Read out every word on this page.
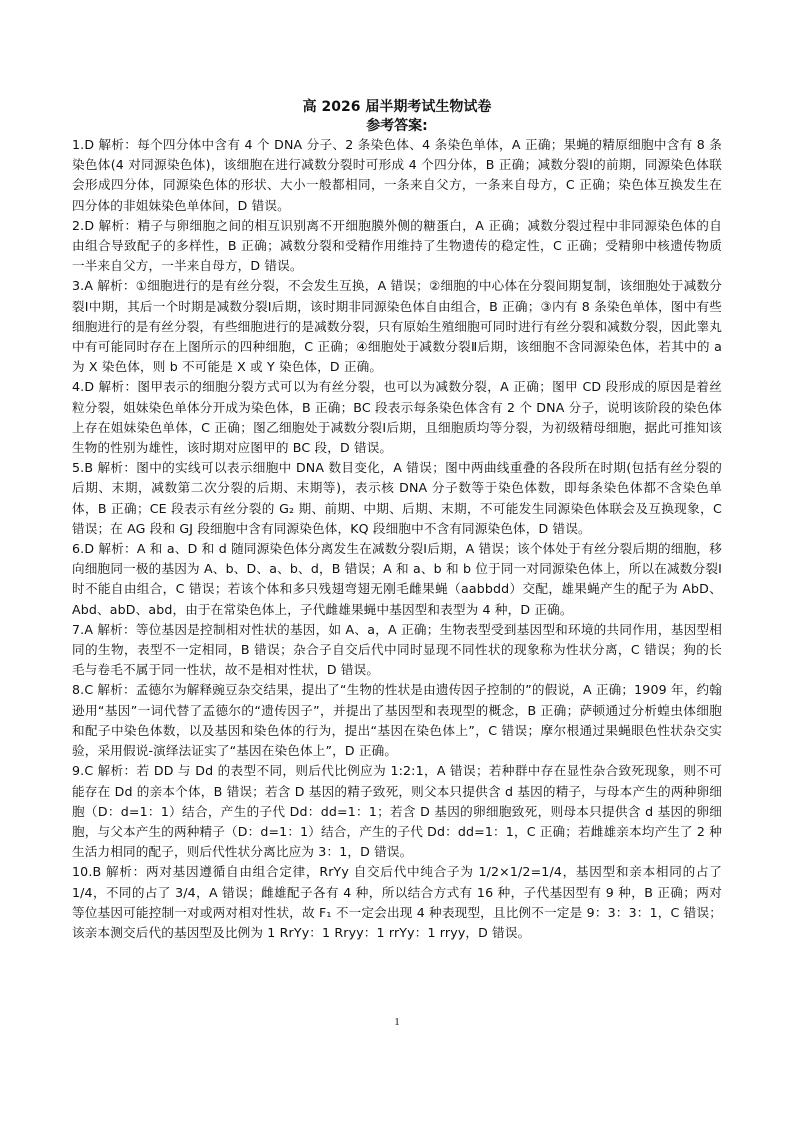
高 2026 届半期考试生物试卷
参考答案:

1.D 解析：每个四分体中含有 4 个 DNA 分子、2 条染色体、4 条染色单体，A 正确；果蝇的精原细胞中含有 8 条染色体(4 对同源染色体)，该细胞在进行减数分裂时可形成 4 个四分体，B 正确；减数分裂Ⅰ的前期，同源染色体联会形成四分体，同源染色体的形状、大小一般都相同，一条来自父方，一条来自母方，C 正确；染色体互换发生在四分体的非姐妹染色单体间，D 错误。

2.D 解析：精子与卵细胞之间的相互识别离不开细胞膜外侧的糖蛋白，A 正确；减数分裂过程中非同源染色体的自由组合导致配子的多样性，B 正确；减数分裂和受精作用维持了生物遗传的稳定性，C 正确；受精卵中核遗传物质一半来自父方，一半来自母方，D 错误。

3.A 解析：①细胞进行的是有丝分裂，不会发生互换，A 错误；②细胞的中心体在分裂间期复制，该细胞处于减数分裂Ⅰ中期，其后一个时期是减数分裂Ⅰ后期，该时期非同源染色体自由组合，B 正确；③内有 8 条染色单体，图中有些细胞进行的是有丝分裂，有些细胞进行的是减数分裂，只有原始生殖细胞可同时进行有丝分裂和减数分裂，因此睾丸中有可能同时存在上图所示的四种细胞，C 正确；④细胞处于减数分裂Ⅱ后期，该细胞不含同源染色体，若其中的 a 为 X 染色体，则 b 不可能是 X 或 Y 染色体，D 正确。

4.D 解析：图甲表示的细胞分裂方式可以为有丝分裂，也可以为减数分裂，A 正确；图甲 CD 段形成的原因是着丝粒分裂，姐妹染色单体分开成为染色体，B 正确；BC 段表示每条染色体含有 2 个 DNA 分子，说明该阶段的染色体上存在姐妹染色单体，C 正确；图乙细胞处于减数分裂Ⅰ后期，且细胞质均等分裂，为初级精母细胞，据此可推知该生物的性别为雄性，该时期对应图甲的 BC 段，D 错误。

5.B 解析：图中的实线可以表示细胞中 DNA 数目变化，A 错误；图中两曲线重叠的各段所在时期(包括有丝分裂的后期、末期，减数第二次分裂的后期、末期等)，表示核 DNA 分子数等于染色体数，即每条染色体都不含染色单体，B 正确；CE 段表示有丝分裂的 G₂ 期、前期、中期、后期、末期，不可能发生同源染色体联会及互换现象，C 错误；在 AG 段和 GJ 段细胞中含有同源染色体，KQ 段细胞中不含有同源染色体，D 错误。

6.D 解析：A 和 a、D 和 d 随同源染色体分离发生在减数分裂Ⅰ后期，A 错误；该个体处于有丝分裂后期的细胞，移向细胞同一极的基因为 A、b、D、a、b、d，B 错误；A 和 a、b 和 b 位于同一对同源染色体上，所以在减数分裂Ⅰ时不能自由组合，C 错误；若该个体和多只残翅弯翅无刚毛雌果蝇（aabbdd）交配，雄果蝇产生的配子为 AbD、Abd、abD、abd，由于在常染色体上，子代雌雄果蝇中基因型和表型为 4 种，D 正确。

7.A 解析：等位基因是控制相对性状的基因，如 A、a，A 正确；生物表型受到基因型和环境的共同作用，基因型相同的生物，表型不一定相同，B 错误；杂合子自交后代中同时显现不同性状的现象称为性状分离，C 错误；狗的长毛与卷毛不属于同一性状，故不是相对性状，D 错误。

8.C 解析：孟德尔为解释豌豆杂交结果，提出了“生物的性状是由遗传因子控制的”的假说，A 正确；1909 年，约翰逊用“基因”一词代替了孟德尔的“遗传因子”，并提出了基因型和表现型的概念，B 正确；萨顿通过分析蝗虫体细胞和配子中染色体数，以及基因和染色体的行为，提出“基因在染色体上”，C 错误；摩尔根通过果蝇眼色性状杂交实验，采用假说-演绎法证实了“基因在染色体上”，D 正确。

9.C 解析：若 DD 与 Dd 的表型不同，则后代比例应为 1:2:1，A 错误；若种群中存在显性杂合致死现象，则不可能存在 Dd 的亲本个体，B 错误；若含 D 基因的精子致死，则父本只提供含 d 基因的精子，与母本产生的两种卵细胞（D：d=1：1）结合，产生的子代 Dd：dd=1：1；若含 D 基因的卵细胞致死，则母本只提供含 d 基因的卵细胞，与父本产生的两种精子（D：d=1：1）结合，产生的子代 Dd：dd=1：1，C 正确；若雌雄亲本均产生了 2 种生活力相同的配子，则后代性状分离比应为 3：1，D 错误。

10.B 解析：两对基因遵循自由组合定律，RrYy 自交后代中纯合子为 1/2×1/2=1/4，基因型和亲本相同的占了 1/4，不同的占了 3/4，A 错误；雌雄配子各有 4 种，所以结合方式有 16 种，子代基因型有 9 种，B 正确；两对等位基因可能控制一对或两对相对性状，故 F₁ 不一定会出现 4 种表现型，且比例不一定是 9：3：3：1，C 错误；该亲本测交后代的基因型及比例为 1 RrYy：1 Rryy：1 rrYy：1 rryy，D 错误。

1
